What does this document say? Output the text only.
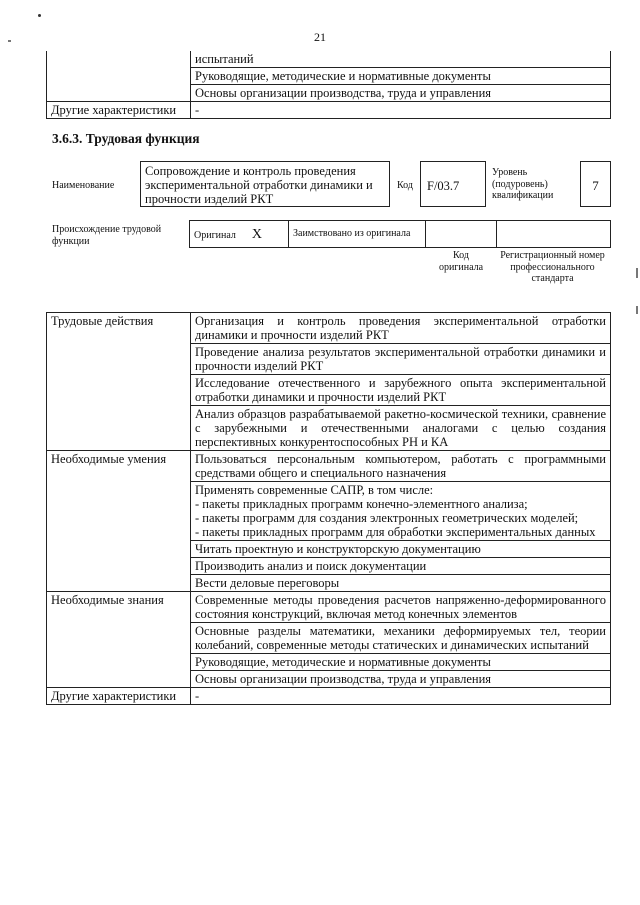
21
	испытаний
	Руководящие, методические и нормативные документы
	Основы организации производства, труда и управления
Другие характеристики	-
3.6.3. Трудовая функция
Наименование
Сопровождение и контроль проведения экспериментальной отработки динамики и прочности изделий РКТ
Код	F/03.7
Уровень (подуровень) квалификации
7
Происхождение трудовой функции	Оригинал X	Заимствовано из оригинала		
Код оригинала
Регистрационный номер профессионального стандарта
Трудовые действия	Организация и контроль проведения экспериментальной отработки динамики и прочности изделий РКТ
	Проведение анализа результатов экспериментальной отработки динамики и прочности изделий РКТ
	Исследование отечественного и зарубежного опыта экспериментальной отработки динамики и прочности изделий РКТ
	Анализ образцов разрабатываемой ракетно-космической техники, сравнение с зарубежными и отечественными аналогами с целью создания перспективных конкурентоспособных РН и КА
Необходимые умения	Пользоваться персональным компьютером, работать с программными средствами общего и специального назначения

	Применять современные САПР, в том числе:
- пакеты прикладных программ конечно-элементного анализа;
- пакеты программ для создания электронных геометрических моделей;
- пакеты прикладных программ для обработки экспериментальных данных

	Читать проектную и конструкторскую документацию
	Производить анализ и поиск документации
	Вести деловые переговоры
Необходимые знания	Современные методы проведения расчетов напряженно-деформированного состояния конструкций, включая метод конечных элементов
	Основные разделы математики, механики деформируемых тел, теории колебаний, современные методы статических и динамических испытаний
	Руководящие, методические и нормативные документы
	Основы организации производства, труда и управления
Другие характеристики	-
